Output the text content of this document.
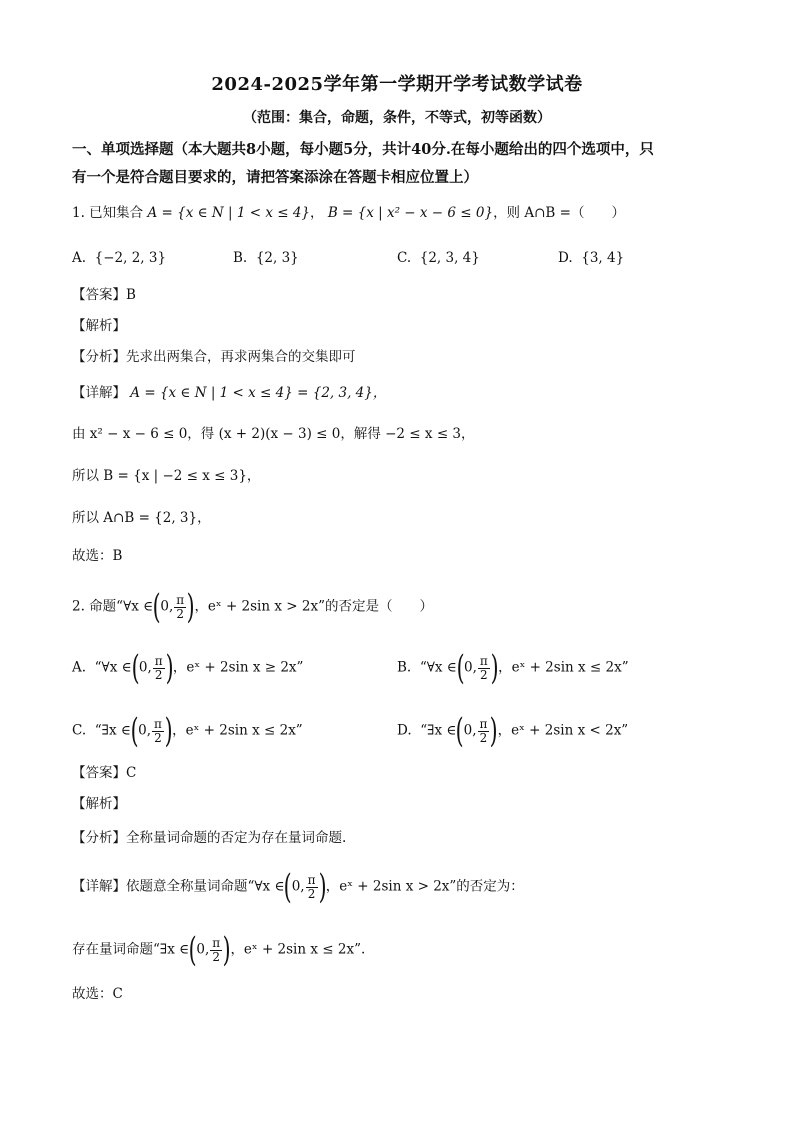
2024-2025学年第一学期开学考试数学试卷
（范围：集合，命题，条件，不等式，初等函数）
一、单项选择题（本大题共8小题，每小题5分，共计40分.在每小题给出的四个选项中，只
有一个是符合题目要求的，请把答案添涂在答题卡相应位置上）
1. 已知集合 A = {x ∈ N | 1 < x ≤ 4}， B = {x | x² − x − 6 ≤ 0}，则 A∩B =（　　）
A. {−2, 2, 3}	B. {2, 3}	C. {2, 3, 4}	D. {3, 4}
【答案】B
【解析】
【分析】先求出两集合，再求两集合的交集即可
【详解】 A = {x ∈ N | 1 < x ≤ 4} = {2, 3, 4}，
由 x² − x − 6 ≤ 0，得 (x + 2)(x − 3) ≤ 0，解得 −2 ≤ x ≤ 3，
所以 B = {x | −2 ≤ x ≤ 3}，
所以 A∩B = {2, 3}，
故选：B
2. 命题“∀x ∈(0, $\frac{\pi}{2}$ )，eˣ + 2sin x > 2x”的否定是（　　）
A. “∀x ∈(0, $\frac{\pi}{2}$ )，eˣ + 2sin x ≥ 2x”	B. “∀x ∈(0, $\frac{\pi}{2}$ )，eˣ + 2sin x ≤ 2x”
C. “∃x ∈(0, $\frac{\pi}{2}$ )，eˣ + 2sin x ≤ 2x”	D. “∃x ∈(0, $\frac{\pi}{2}$ )，eˣ + 2sin x < 2x”
【答案】C
【解析】
【分析】全称量词命题的否定为存在量词命题.
【详解】依题意全称量词命题“∀x ∈(0, $\frac{\pi}{2}$ )，eˣ + 2sin x > 2x”的否定为：
存在量词命题“∃x ∈(0, $\frac{\pi}{2}$ )，eˣ + 2sin x ≤ 2x”.
故选：C
